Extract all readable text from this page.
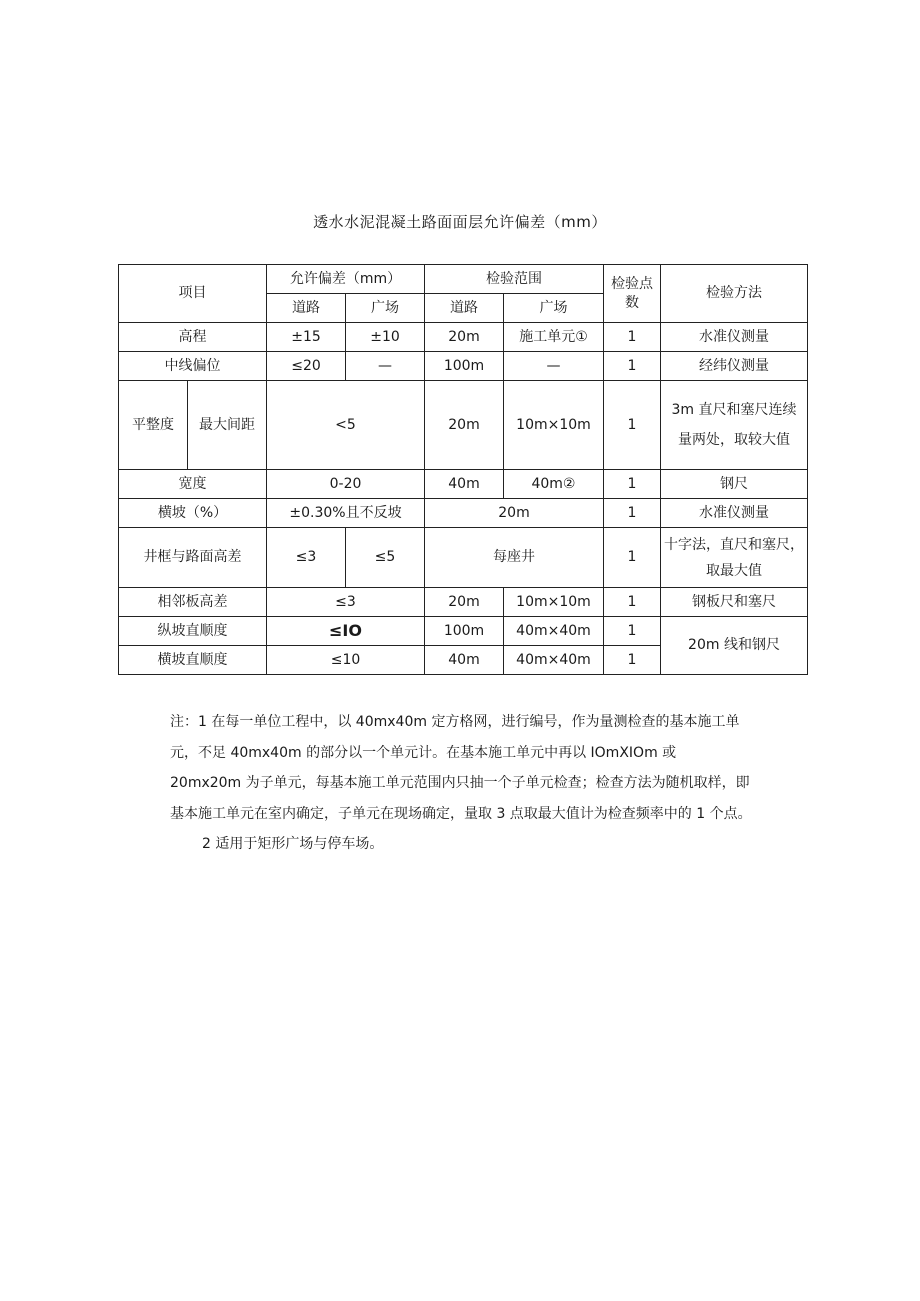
透水水泥混凝土路面面层允许偏差（mm）
项目		允许偏差（mm）		检验范围		检验点数	检验方法
		道路	广场	道路	广场		
高程		±15	±10	20m	施工单元①	1	水准仪测量
中线偏位		≤20	—	100m	—	1	经纬仪测量
平整度	最大间距	<5		20m	10m×10m	1	3m 直尺和塞尺连续量两处，取较大值
宽度		0-20		40m	40m②	1	钢尺
横坡（%）		±0.30%且不反坡		20m		1	水准仪测量
井框与路面高差		≤3	≤5	每座井		1	十字法，直尺和塞尺，取最大值
相邻板高差		≤3		20m	10m×10m	1	钢板尺和塞尺
纵坡直顺度		≤IO		100m	40m×40m	1	20m 线和钢尺
横坡直顺度		≤10		40m	40m×40m	1	

注：1 在每一单位工程中，以 40mx40m 定方格网，进行编号，作为量测检查的基本施工单

元，不足 40mx40m 的部分以一个单元计。在基本施工单元中再以 IOmXIOm 或

20mx20m 为子单元，每基本施工单元范围内只抽一个子单元检查；检查方法为随机取样，即

基本施工单元在室内确定，子单元在现场确定，量取 3 点取最大值计为检查频率中的 1 个点。

2 适用于矩形广场与停车场。
